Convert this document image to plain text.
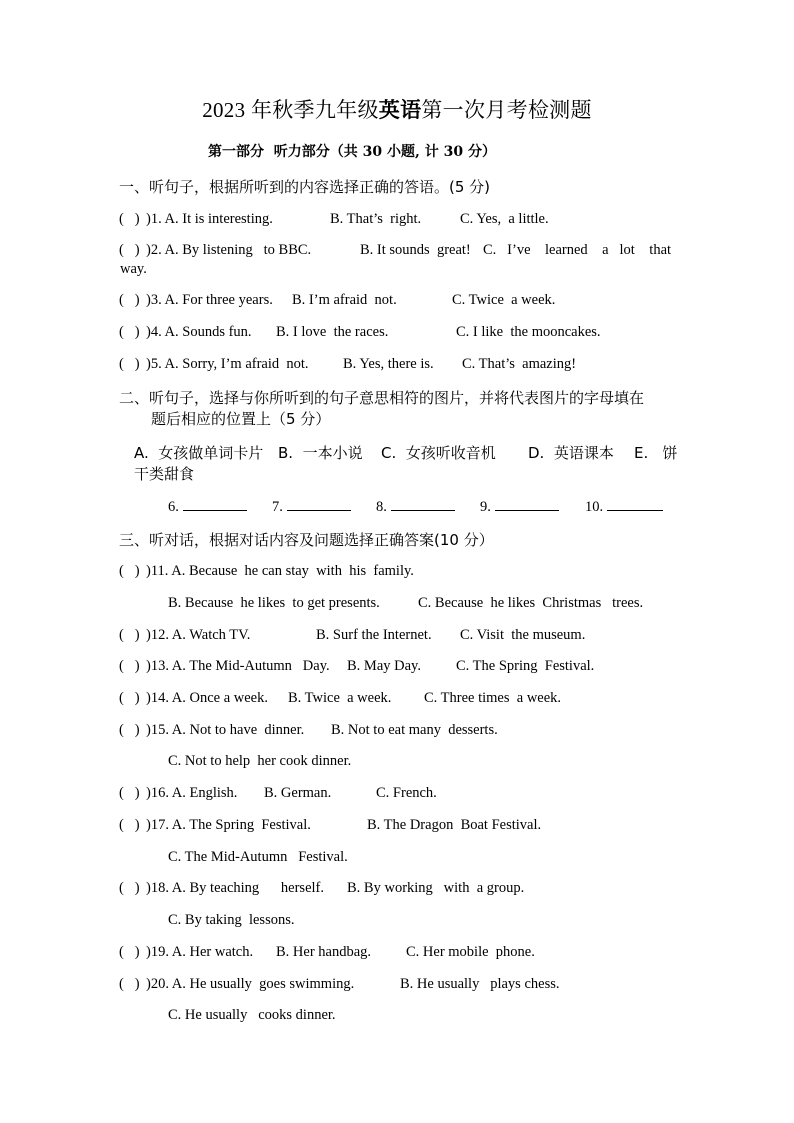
2023 年秋季九年级英语第一次月考检测题
第一部分  听力部分（共 30 小题, 计 30 分）
一、听句子，根据所听到的内容选择正确的答语。(5 分)
(   ) )1. A. It is interesting.	B. That’s  right.	C. Yes,  a little.
(   ) )2. A. By listening   to BBC.	B. It sounds  great! C.   I’ve    learned    a   lot    that
way.
(   ) )3. A. For three years. B. I’m afraid  not.	C. Twice  a week.
(   ) )4. A. Sounds fun. B. I love  the races.	C. I like  the mooncakes.
(   ) )5. A. Sorry, I’m afraid  not. B. Yes, there is. C. That’s  amazing!
二、听句子，选择与你所听到的句子意思相符的图片，并将代表图片的字母填在
题后相应的位置上（5 分）
A.  女孩做单词卡片 B.  一本小说 C.  女孩听收音机 D.  英语课本 E.   饼
干类甜食
6.	7.	8.	9.	10.
三、听对话，根据对话内容及问题选择正确答案(10 分）
(   ) )11. A. Because  he can stay  with  his  family.
B. Because  he likes  to get presents.	C. Because  he likes  Christmas   trees.
(   ) )12. A. Watch TV.	B. Surf the Internet. C. Visit  the museum.
(   ) )13. A. The Mid-Autumn   Day. B. May Day. C. The Spring  Festival.
(   ) )14. A. Once a week. B. Twice  a week. C. Three times  a week.
(   ) )15. A. Not to have  dinner. B. Not to eat many  desserts.
C. Not to help  her cook dinner.
(   ) )16. A. English. B. German.	C. French.
(   ) )17. A. The Spring  Festival.	B. The Dragon  Boat Festival.
C. The Mid-Autumn   Festival.
(   ) )18. A. By teaching      herself. B. By working   with  a group.
C. By taking  lessons.
(   ) )19. A. Her watch. B. Her handbag. C. Her mobile  phone.
(   ) )20. A. He usually  goes swimming.	B. He usually   plays chess.
C. He usually   cooks dinner.
